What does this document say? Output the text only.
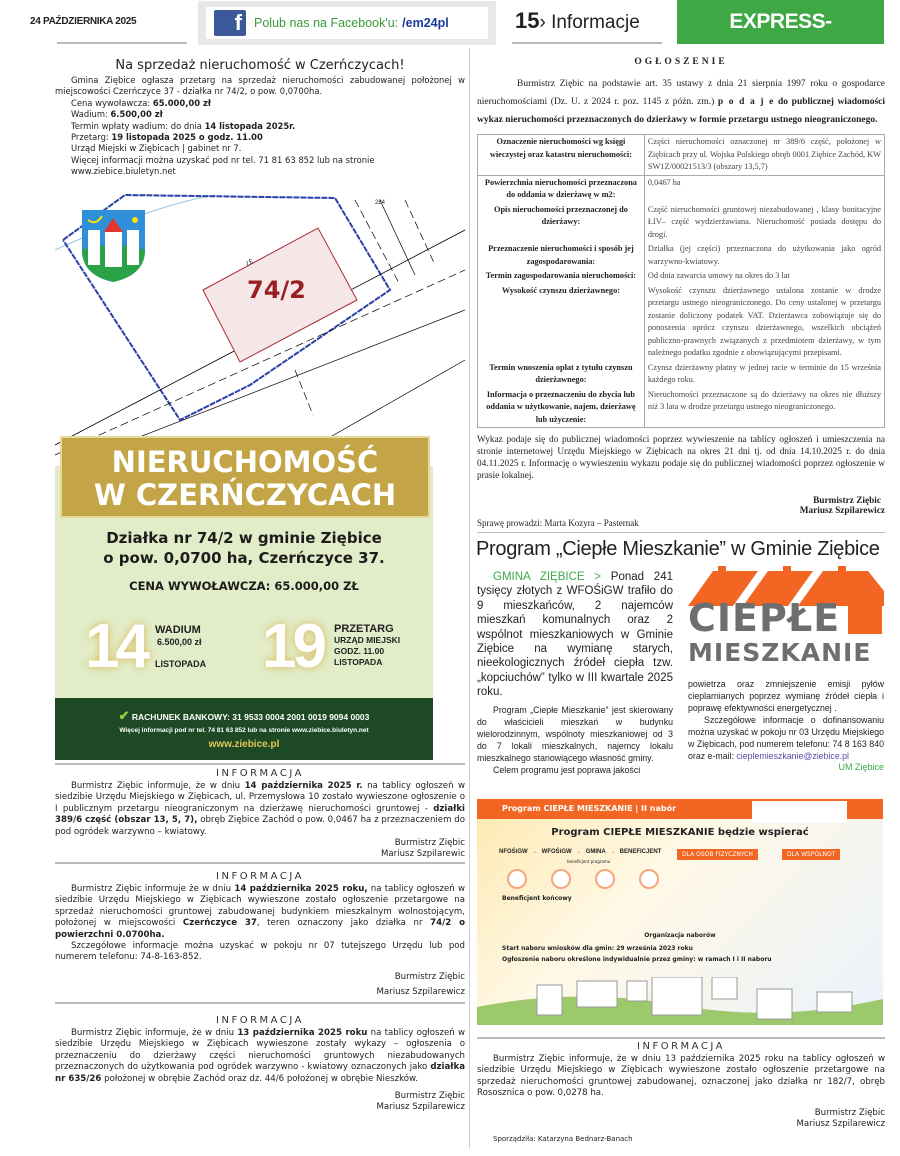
24 PAŹDZIERNIKA 2025	f Polub nas na Facebook'u: /em24pl	15› Informacje	EXPRESS-MIEJSKI.PL
Na sprzedaż nieruchomość w Czerńczycach!

Gmina Ziębice ogłasza przetarg na sprzedaż nieruchomości zabudowanej położonej w miejscowości Czerńczyce 37 - działka nr 74/2, o pow. 0,0700ha.

Cena wywoławcza: 65.000,00 zł
Wadium: 6.500,00 zł
Termin wpłaty wadium: do dnia 14 listopada 2025r.
Przetarg: 19 listopada 2025 o godz. 11.00
Urząd Miejski w Ziębicach | gabinet nr 7.
Więcej informacji można uzyskać pod nr tel. 71 81 63 852 lub na stronie www.ziebice.biuletyn.net
37
284
74/2
NIERUCHOMOŚĆ
W CZERŃCZYCACH
Działka nr 74/2 w gminie Ziębice
o pow. 0,0700 ha, Czerńczyce 37.
CENA WYWOŁAWCZA: 65.000,00 ZŁ
14 WADIUM
6.500,00 zł
LISTOPADA 19 PRZETARG
URZĄD MIEJSKI
GODZ. 11.00
LISTOPADA
✔ RACHUNEK BANKOWY: 31 9533 0004 2001 0019 9094 0003
Więcej informacji pod nr tel. 74 81 63 852 lub na stronie www.ziebice.biuletyn.net
www.ziebice.pl
INFORMACJA

Burmistrz Ziębic informuje, że w dniu 14 października 2025 r. na tablicy ogłoszeń w siedzibie Urzędu Miejskiego w Ziębicach, ul. Przemysłowa 10 zostało wywieszone ogłoszenie o I publicznym przetargu nieograniczonym na dzierżawę nieruchomości gruntowej - działki 389/6 część (obszar 13, 5, 7), obręb Ziębice Zachód o pow. 0,0467 ha z przeznaczeniem do pod ogródek warzywno – kwiatowy.

Burmistrz Ziębic
Mariusz Szpilarewic
INFORMACJA

Burmistrz Ziębic informuje że w dniu 14 października 2025 roku, na tablicy ogłoszeń w siedzibie Urzędu Miejskiego w Ziębicach wywieszone zostało ogłoszenie przetargowe na sprzedaż nieruchomości gruntowej zabudowanej budynkiem mieszkalnym wolnostojącym, położonej w miejscowości Czerńczyce 37, teren oznaczony jako działka nr 74/2 o powierzchni 0.0700ha.

Szczegółowe informacje można uzyskać w pokoju nr 07 tutejszego Urzędu lub pod numerem telefonu: 74-8-163-852.

Burmistrz Ziębic
Mariusz Szpilarewicz
INFORMACJA

Burmistrz Ziębic informuje, że w dniu 13 października 2025 roku na tablicy ogłoszeń w siedzibie Urzędu Miejskiego w Ziębicach wywieszone zostały wykazy – ogłoszenia o przeznaczeniu do dzierżawy części nieruchomości gruntowych niezabudowanych przeznaczonych do użytkowania pod ogródek warzywno - kwiatowy oznaczonych jako działka nr 635/26 położonej w obrębie Zachód oraz dz. 44/6 położonej w obrębie Nieszków.

Burmistrz Ziębic
Mariusz Szpilarewicz
OGŁOSZENIE

Burmistrz Ziębic na podstawie art. 35 ustawy z dnia 21 sierpnia 1997 roku o gospodarce nieruchomościami (Dz. U. z 2024 r. poz. 1145 z późn. zm.) p o d a j e do publicznej wiadomości wykaz nieruchomości przeznaczonych do dzierżawy w formie przetargu ustnego nieograniczonego.

Oznaczenie nieruchomości wg księgi wieczystej oraz katastru nieruchomości:	Części nieruchomości oznaczonej nr 389/6 część, położonej w Ziębicach przy ul. Wojska Polskiego obręb 0001 Ziębice Zachód, KW SW1Z/00021513/3 (obszary 13,5,7)
Powierzchnia nieruchomości przeznaczona do oddania w dzierżawę w m2:	0,0467 ha
Opis nieruchomości przeznaczonej do dzierżawy:	Część nieruchomości gruntowej niezabudowanej , klasy bonitacyjne ŁIV– część wydzierżawiana. Nieruchomość posiada dostępu do drogi.
Przeznaczenie nieruchomości i sposób jej zagospodarowania:	Działka (jej części) przeznaczona do użytkowania jako ogród warzywno-kwiatowy.
Termin zagospodarowania nieruchomości:	Od dnia zawarcia umowy na okres do 3 lat
Wysokość czynszu dzierżawnego:	Wysokość czynszu dzierżawnego ustalona zostanie w drodze przetargu ustnego nieograniczonego. Do ceny ustalonej w przetargu zostanie doliczony podatek VAT. Dzierżawca zobowiązuje się do ponoszenia oprócz czynszu dzierżawnego, wszelkich obciążeń publiczno-prawnych związanych z przedmiotem dzierżawy, w tym należnego podatku zgodnie z obowiązującymi przepisami.
Termin wnoszenia opłat z tytułu czynszu dzierżawnego:	Czynsz dzierżawny płatny w jednej racie w terminie do 15 września każdego roku.
Informacja o przeznaczeniu do zbycia lub oddania w użytkowanie, najem, dzierżawę lub użyczenie:	Nieruchomości przeznaczone są do dzierżawy na okres nie dłuższy niż 3 lata w drodze przetargu ustnego nieograniczonego.

Wykaz podaje się do publicznej wiadomości poprzez wywieszenie na tablicy ogłoszeń i umieszczenia na stronie internetowej Urzędu Miejskiego w Ziębicach na okres 21 dni tj. od dnia 14.10.2025 r. do dnia 04.11.2025 r. Informację o wywieszeniu wykazu podaje się do publicznej wiadomości poprzez ogłoszenie w prasie lokalnej.

Burmistrz Ziębic
Mariusz Szpilarewicz
Sprawę prowadzi: Marta Kozyra – Pasternak
Program „Ciepłe Mieszkanie” w Gminie Ziębice

GMINA ZIĘBICE > Ponad 241 tysięcy złotych z WFOŚiGW trafiło do 9 mieszkańców, 2 najemców mieszkań komunalnych oraz 2 wspólnot mieszkaniowych w Gminie Ziębice na wymianę starych, nieekologicznych źródeł ciepła tzw. „kopciuchów” tylko w III kwartale 2025 roku.

Program „Ciepłe Mieszkanie” jest skierowany do właścicieli mieszkań w budynku wielorodzinnym, wspólnoty mieszkaniowej od 3 do 7 lokali mieszkalnych, najemcy lokalu mieszkalnego stanowiącego własność gminy.

Celem programu jest poprawa jakości

CIEPŁE
MIESZKANIE

powietrza oraz zmniejszenie emisji pyłów cieplarnianych poprzez wymianę źródeł ciepła i poprawę efektywności energetycznej .

Szczegółowe informacje o dofinansowaniu można uzyskać w pokoju nr 03 Urzędu Miejskiego w Ziębicach, pod numerem telefonu: 74 8 163 840 oraz e-mail: cieplemieszkanie@ziebice.pl

UM Ziębice
Program CIEPŁE MIESZKANIE | II nabór
Program CIEPŁE MIESZKANIE będzie wspierać
NFOŚiGW → WFOŚiGW → GMINA → BENEFICJENT
beneficjent programu
DLA OSÓB FIZYCZNYCH	DLA WSPÓLNOT
Beneficjent końcowy
Organizacja naborów
Start naboru wniosków dla gmin: 29 września 2023 roku
Ogłoszenie naboru określone indywidualnie przez gminy: w ramach I i II naboru
INFORMACJA

Burmistrz Ziębic informuje, że w dniu 13 października 2025 roku na tablicy ogłoszeń w siedzibie Urzędu Miejskiego w Ziębicach wywieszone zostało ogłoszenie przetargowe na sprzedaż nieruchomości gruntowej zabudowanej, oznaczonej jako działka nr 182/7, obręb Rososznica o pow. 0,0278 ha.

Burmistrz Ziębic
Mariusz Szpilarewicz
Sporządziła: Katarzyna Bednarz-Banach
